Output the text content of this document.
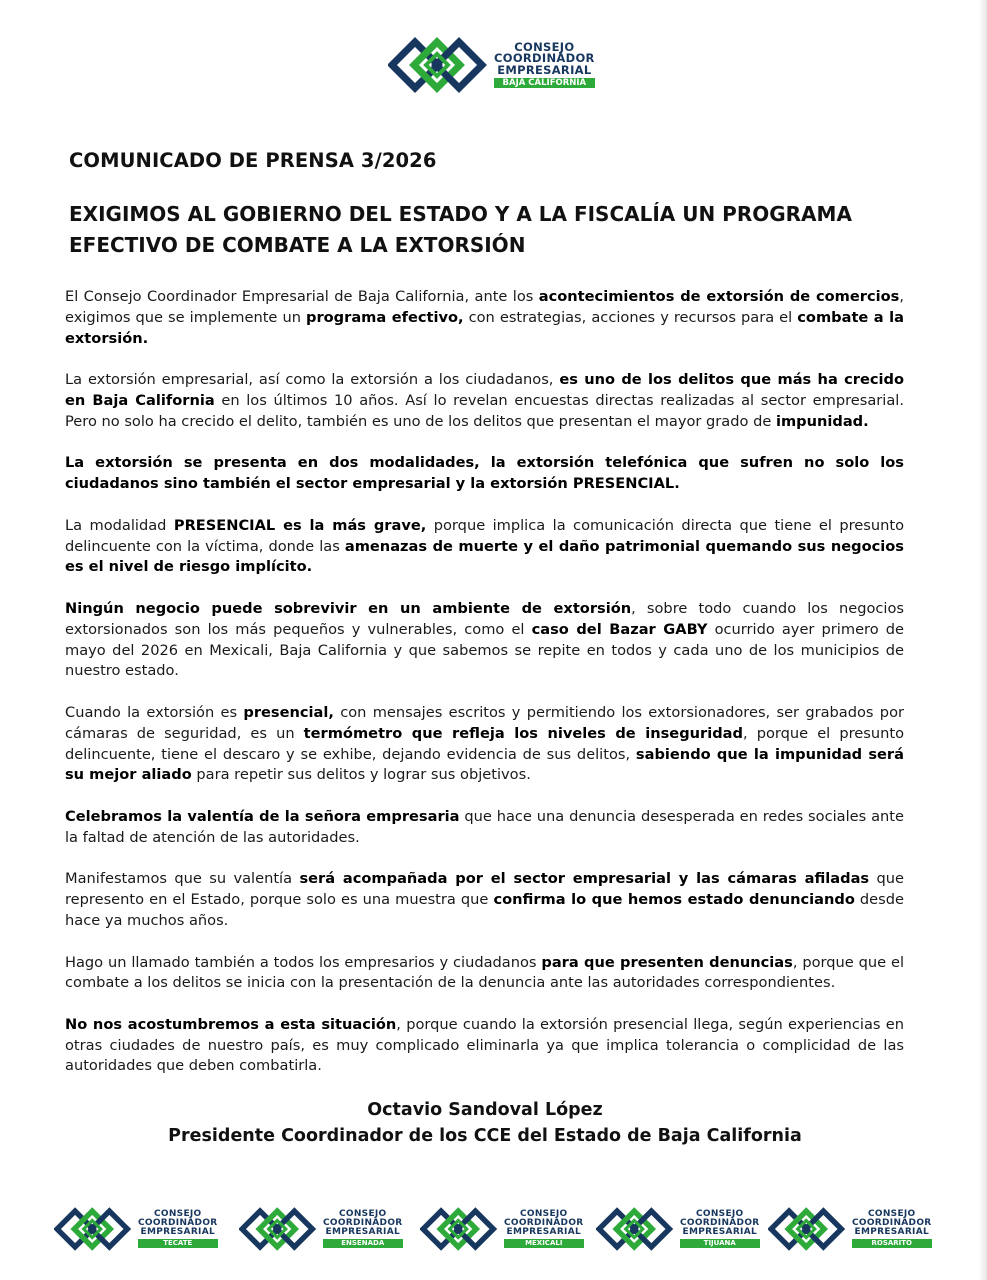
CONSEJO
COORDINADOR
EMPRESARIAL
BAJA CALIFORNIA
COMUNICADO DE PRENSA 3/2026
EXIGIMOS AL GOBIERNO DEL ESTADO Y A LA FISCALÍA UN PROGRAMA EFECTIVO DE COMBATE A LA EXTORSIÓN

El Consejo Coordinador Empresarial de Baja California, ante los acontecimientos de extorsión de comercios, exigimos que se implemente un programa efectivo, con estrategias, acciones y recursos para el combate a la extorsión.

La extorsión empresarial, así como la extorsión a los ciudadanos, es uno de los delitos que más ha crecido en Baja California en los últimos 10 años. Así lo revelan encuestas directas realizadas al sector empresarial. Pero no solo ha crecido el delito, también es uno de los delitos que presentan el mayor grado de impunidad.

La extorsión se presenta en dos modalidades, la extorsión telefónica que sufren no solo los ciudadanos sino también el sector empresarial y la extorsión PRESENCIAL.

La modalidad PRESENCIAL es la más grave, porque implica la comunicación directa que tiene el presunto delincuente con la víctima, donde las amenazas de muerte y el daño patrimonial quemando sus negocios es el nivel de riesgo implícito.

Ningún negocio puede sobrevivir en un ambiente de extorsión, sobre todo cuando los negocios extorsionados son los más pequeños y vulnerables, como el caso del Bazar GABY ocurrido ayer primero de mayo del 2026 en Mexicali, Baja California y que sabemos se repite en todos y cada uno de los municipios de nuestro estado.

Cuando la extorsión es presencial, con mensajes escritos y permitiendo los extorsionadores, ser grabados por cámaras de seguridad, es un termómetro que refleja los niveles de inseguridad, porque el presunto delincuente, tiene el descaro y se exhibe, dejando evidencia de sus delitos, sabiendo que la impunidad será su mejor aliado para repetir sus delitos y lograr sus objetivos.

Celebramos la valentía de la señora empresaria que hace una denuncia desesperada en redes sociales ante la faltad de atención de las autoridades.

Manifestamos que su valentía será acompañada por el sector empresarial y las cámaras afiladas que represento en el Estado, porque solo es una muestra que confirma lo que hemos estado denunciando desde hace ya muchos años.

Hago un llamado también a todos los empresarios y ciudadanos para que presenten denuncias, porque que el combate a los delitos se inicia con la presentación de la denuncia ante las autoridades correspondientes.

No nos acostumbremos a esta situación, porque cuando la extorsión presencial llega, según experiencias en otras ciudades de nuestro país, es muy complicado eliminarla ya que implica tolerancia o complicidad de las autoridades que deben combatirla.

Octavio Sandoval López
Presidente Coordinador de los CCE del Estado de Baja California
CONSEJO
COORDINADOR
EMPRESARIAL
TECATE
CONSEJO
COORDINADOR
EMPRESARIAL
ENSENADA
CONSEJO
COORDINADOR
EMPRESARIAL
MEXICALI
CONSEJO
COORDINADOR
EMPRESARIAL
TIJUANA
CONSEJO
COORDINADOR
EMPRESARIAL
ROSARITO
